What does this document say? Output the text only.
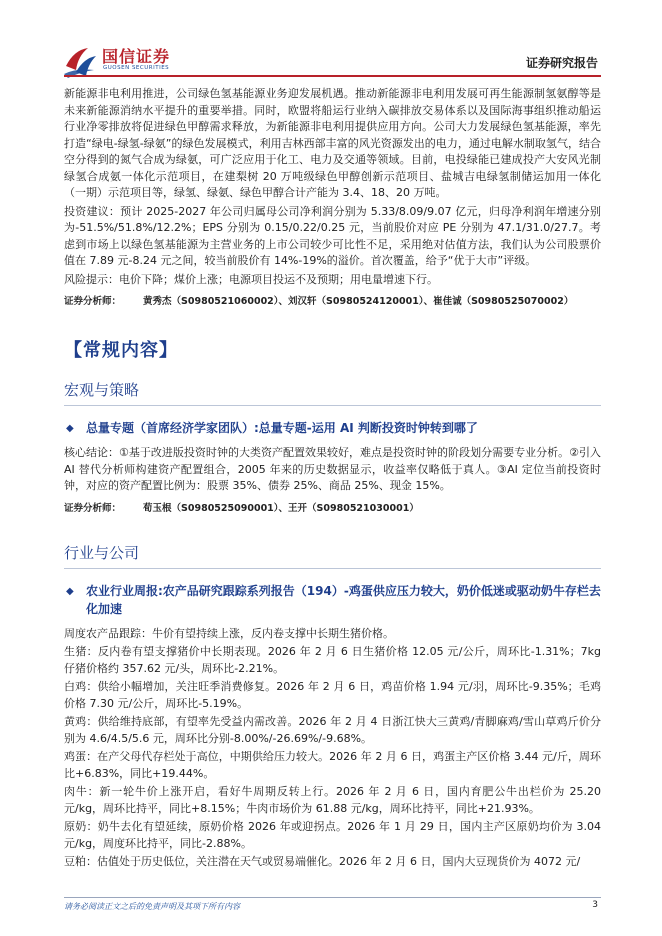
国信证券
GUOSEN SECURITIES	证券研究报告

新能源非电利用推进，公司绿色氢基能源业务迎发展机遇。推动新能源非电利用发展可再生能源制氢氨醇等是未来新能源消纳水平提升的重要举措。同时，欧盟将船运行业纳入碳排放交易体系以及国际海事组织推动船运行业净零排放将促进绿色甲醇需求释放，为新能源非电利用提供应用方向。公司大力发展绿色氢基能源，率先打造“绿电-绿氢-绿氨”的绿色发展模式，利用吉林西部丰富的风光资源发出的电力，通过电解水制取氢气，结合空分得到的氮气合成为绿氨，可广泛应用于化工、电力及交通等领域。目前，电投绿能已建成投产大安风光制绿氢合成氨一体化示范项目，在建梨树 20 万吨级绿色甲醇创新示范项目、盐城吉电绿氢制储运加用一体化（一期）示范项目等，绿氢、绿氨、绿色甲醇合计产能为 3.4、18、20 万吨。

投资建议：预计 2025-2027 年公司归属母公司净利润分别为 5.33/8.09/9.07 亿元，归母净利润年增速分别为-51.5%/51.8%/12.2%；EPS 分别为 0.15/0.22/0.25 元，当前股价对应 PE 分别为 47.1/31.0/27.7。考虑到市场上以绿色氢基能源为主营业务的上市公司较少可比性不足，采用绝对估值方法，我们认为公司股票价值在 7.89 元-8.24 元之间，较当前股价有 14%-19%的溢价。首次覆盖，给予“优于大市”评级。

风险提示：电价下降；煤价上涨；电源项目投运不及预期；用电量增速下行。

证券分析师： 黄秀杰（S0980521060002）、刘汉轩（S0980524120001）、崔佳诚（S0980525070002）
【常规内容】
宏观与策略
◆	总量专题（首席经济学家团队）:总量专题-运用 AI 判断投资时钟转到哪了

核心结论：①基于改进版投资时钟的大类资产配置效果较好，难点是投资时钟的阶段划分需要专业分析。②引入 AI 替代分析师构建资产配置组合，2005 年来的历史数据显示，收益率仅略低于真人。③AI 定位当前投资时钟，对应的资产配置比例为：股票 35%、债券 25%、商品 25%、现金 15%。

证券分析师： 荀玉根（S0980525090001）、王开（S0980521030001）
行业与公司
◆	农业行业周报:农产品研究跟踪系列报告（194）-鸡蛋供应压力较大，奶价低迷或驱动奶牛存栏去化加速

周度农产品跟踪：牛价有望持续上涨，反内卷支撑中长期生猪价格。

生猪：反内卷有望支撑猪价中长期表现。2026 年 2 月 6 日生猪价格 12.05 元/公斤，周环比-1.31%；7kg 仔猪价格约 357.62 元/头，周环比-2.21%。

白鸡：供给小幅增加，关注旺季消费修复。2026 年 2 月 6 日，鸡苗价格 1.94 元/羽，周环比-9.35%；毛鸡价格 7.30 元/公斤，周环比-5.19%。

黄鸡：供给维持底部，有望率先受益内需改善。2026 年 2 月 4 日浙江快大三黄鸡/青脚麻鸡/雪山草鸡斤价分别为 4.6/4.5/5.6 元，周环比分别-8.00%/-26.69%/-9.68%。

鸡蛋：在产父母代存栏处于高位，中期供给压力较大。2026 年 2 月 6 日，鸡蛋主产区价格 3.44 元/斤，周环比+6.83%，同比+19.44%。

肉牛：新一轮牛价上涨开启，看好牛周期反转上行。2026 年 2 月 6 日，国内育肥公牛出栏价为 25.20 元/kg，周环比持平，同比+8.15%；牛肉市场价为 61.88 元/kg，周环比持平，同比+21.93%。

原奶：奶牛去化有望延续，原奶价格 2026 年或迎拐点。2026 年 1 月 29 日，国内主产区原奶均价为 3.04 元/kg，周度环比持平，同比-2.88%。

豆粕：估值处于历史低位，关注潜在天气或贸易端催化。2026 年 2 月 6 日，国内大豆现货价为 4072 元/

请务必阅读正文之后的免责声明及其项下所有内容	3
